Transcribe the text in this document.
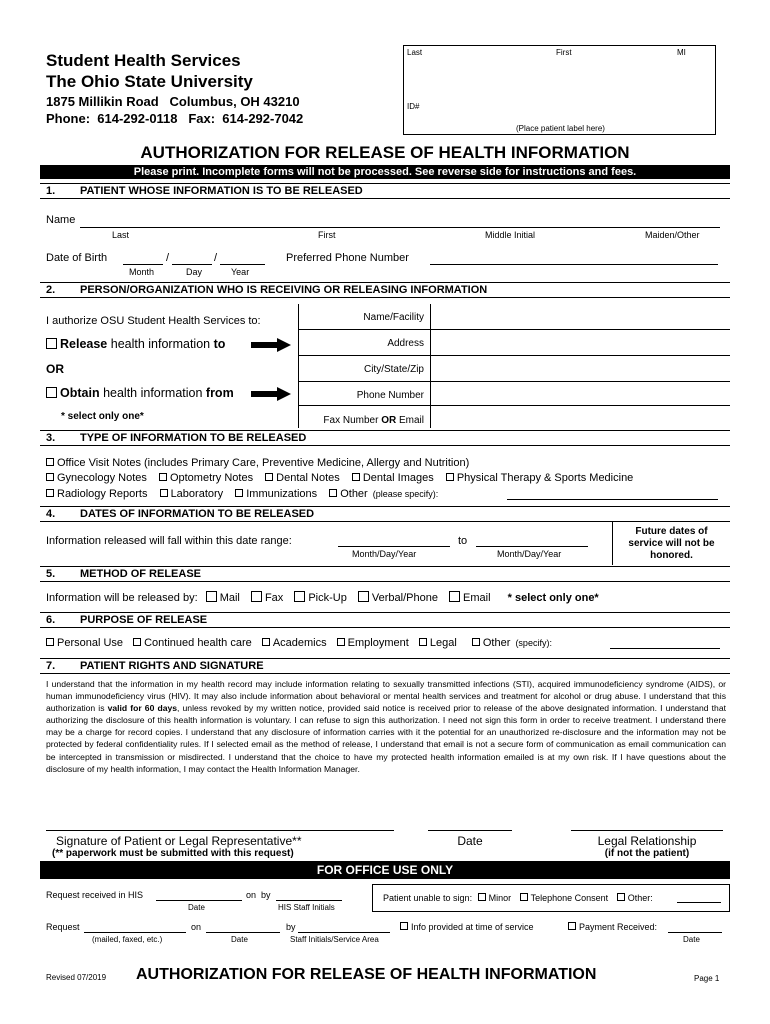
Student Health Services
The Ohio State University
1875 Millikin Road   Columbus, OH 43210
Phone:  614-292-0118   Fax:  614-292-7042
Last	First	MI
ID#
(Place patient label here)
AUTHORIZATION FOR RELEASE OF HEALTH INFORMATION
Please print. Incomplete forms will not be processed. See reverse side for instructions and fees.
1. PATIENT WHOSE INFORMATION IS TO BE RELEASED
Name
Last	First	Middle Initial	Maiden/Other
Date of Birth	/	/
Month	Day	Year
Preferred Phone Number
2. PERSON/ORGANIZATION WHO IS RECEIVING OR RELEASING INFORMATION
I authorize OSU Student Health Services to:
Release health information to
OR
Obtain health information from
* select only one*
Name/Facility
Address
City/State/Zip
Phone Number
Fax Number OR Email
3. TYPE OF INFORMATION TO BE RELEASED
Office Visit Notes (includes Primary Care, Preventive Medicine, Allergy and Nutrition)
Gynecology Notes Optometry Notes Dental Notes Dental Images Physical Therapy & Sports Medicine
Radiology Reports Laboratory Immunizations Other (please specify):
4. DATES OF INFORMATION TO BE RELEASED
Information released will fall within this date range:	to
Month/Day/Year	Month/Day/Year
Future dates of
service will not be
honored.
5. METHOD OF RELEASE
Information will be released by: Mail Fax Pick-Up Verbal/Phone Email * select only one*
6. PURPOSE OF RELEASE
Personal Use Continued health care Academics Employment Legal Other (specify):
7. PATIENT RIGHTS AND SIGNATURE
I understand that the information in my health record may include information relating to sexually transmitted infections (STI), acquired immunodeficiency syndrome (AIDS), or human immunodeficiency virus (HIV). It may also include information about behavioral or mental health services and treatment for alcohol or drug abuse. I understand that this authorization is valid for 60 days, unless revoked by my written notice, provided said notice is received prior to release of the above designated information. I understand that authorizing the disclosure of this health information is voluntary. I can refuse to sign this authorization. I need not sign this form in order to receive treatment. I understand there may be a charge for record copies. I understand that any disclosure of information carries with it the potential for an unauthorized re-disclosure and the information may not be protected by federal confidentiality rules. If I selected email as the method of release, I understand that email is not a secure form of communication as email communication can be intercepted in transmission or misdirected. I understand that the choice to have my protected health information emailed is at my own risk. If I have questions about the disclosure of my health information, I may contact the Health Information Manager.
Signature of Patient or Legal Representative**
(** paperwork must be submitted with this request)
Date	Legal Relationship
(if not the patient)
FOR OFFICE USE ONLY
Request received in HIS	on  by
Date	HIS Staff Initials
Patient unable to sign: Minor Telephone Consent Other:
Request	on	by
(mailed, faxed, etc.)	Date	Staff Initials/Service Area
Info provided at time of service	Payment Received:
Date
Revised 07/2019 AUTHORIZATION FOR RELEASE OF HEALTH INFORMATION	Page 1
